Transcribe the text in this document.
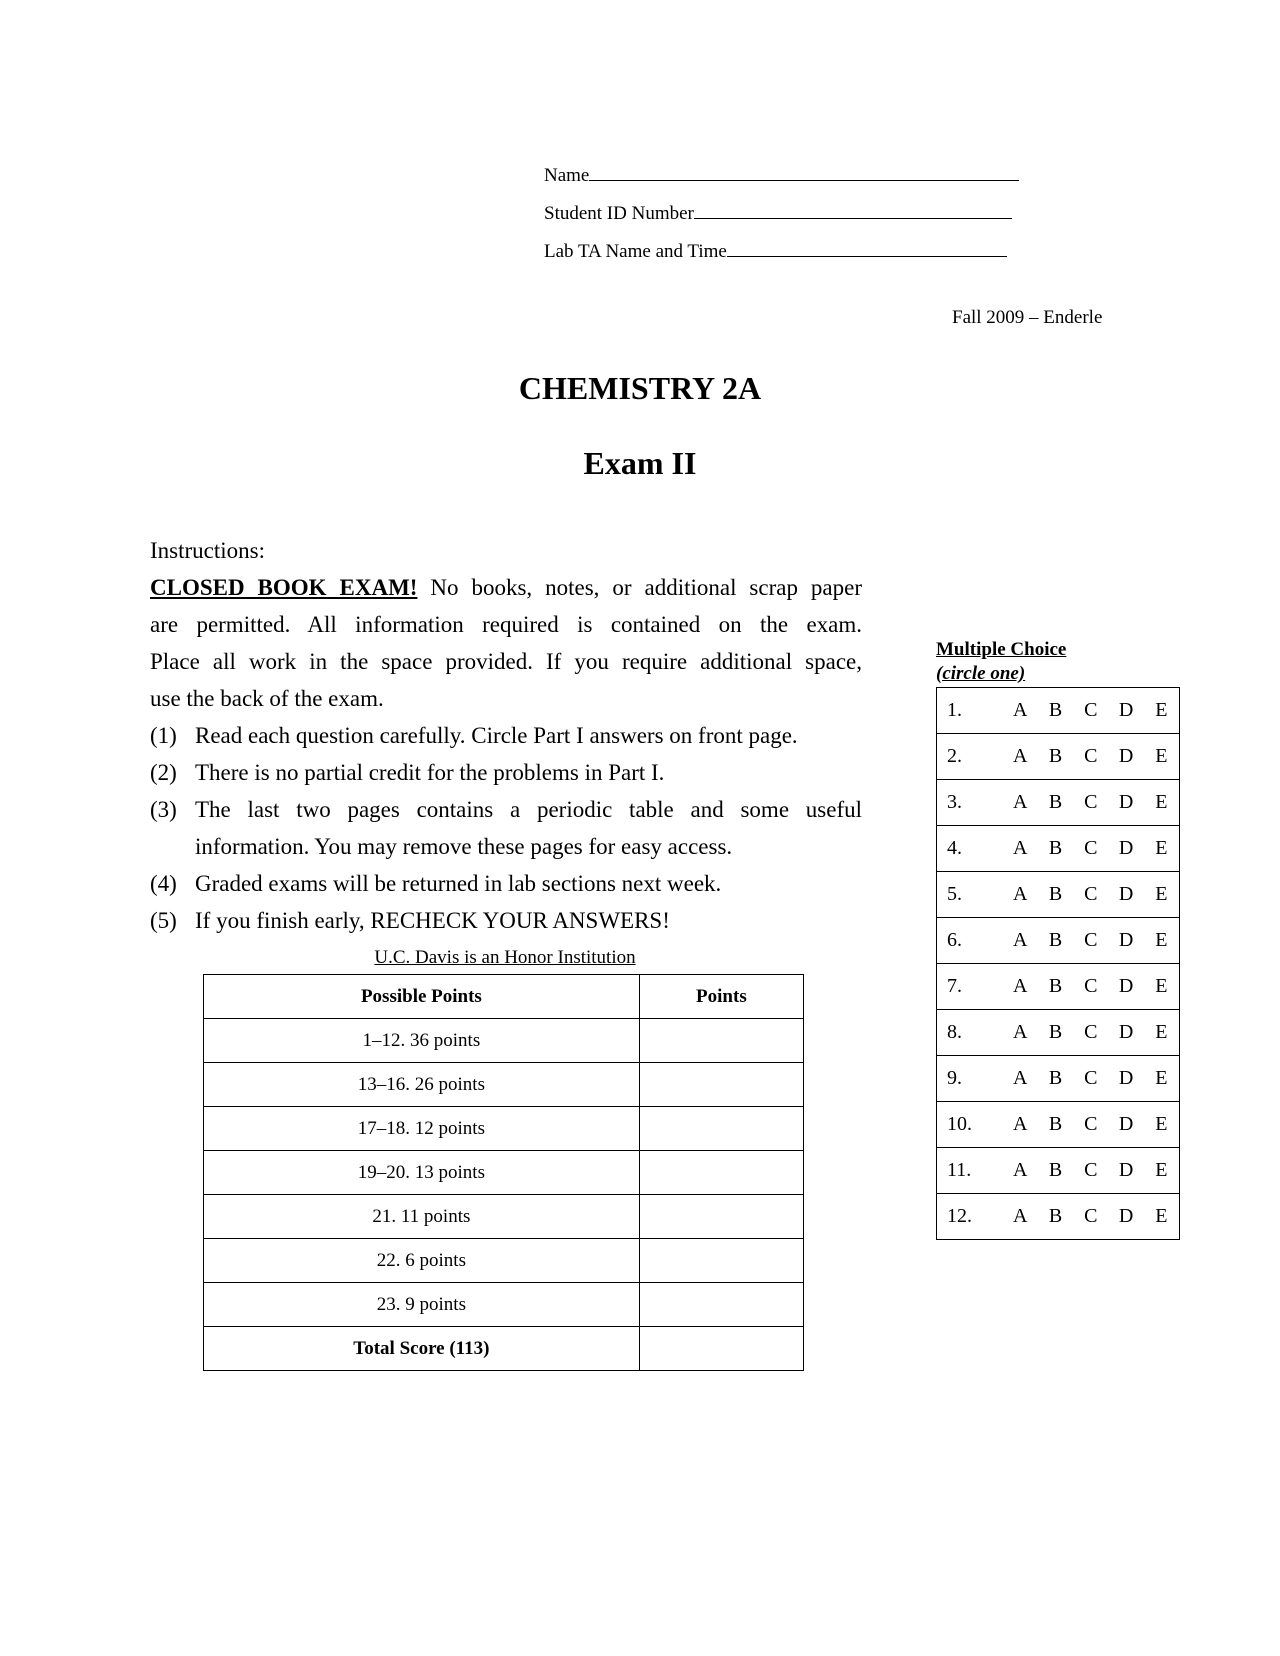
Name
Student ID Number
Lab TA Name and Time
Fall 2009 – Enderle
CHEMISTRY 2A
Exam II

Instructions:

CLOSED BOOK EXAM! No books, notes, or additional scrap paper

are permitted. All information required is contained on the exam.

Place all work in the space provided. If you require additional space,

use the back of the exam.

(1) Read each question carefully. Circle Part I answers on front page.
(2) There is no partial credit for the problems in Part I.
(3) The last two pages contains a periodic table and some useful
information. You may remove these pages for easy access.
(4) Graded exams will be returned in lab sections next week.
(5) If you finish early, RECHECK YOUR ANSWERS!
U.C. Davis is an Honor Institution
Possible Points	Points
1–12. 36 points	
13–16. 26 points	
17–18. 12 points	
19–20. 13 points	
21. 11 points	
22. 6 points	
23. 9 points	
Total Score (113)	
Multiple Choice
(circle one)
1.	A	B	C	D	E
2.	A	B	C	D	E
3.	A	B	C	D	E
4.	A	B	C	D	E
5.	A	B	C	D	E
6.	A	B	C	D	E
7.	A	B	C	D	E
8.	A	B	C	D	E
9.	A	B	C	D	E
10.	A	B	C	D	E
11.	A	B	C	D	E
12.	A	B	C	D	E
